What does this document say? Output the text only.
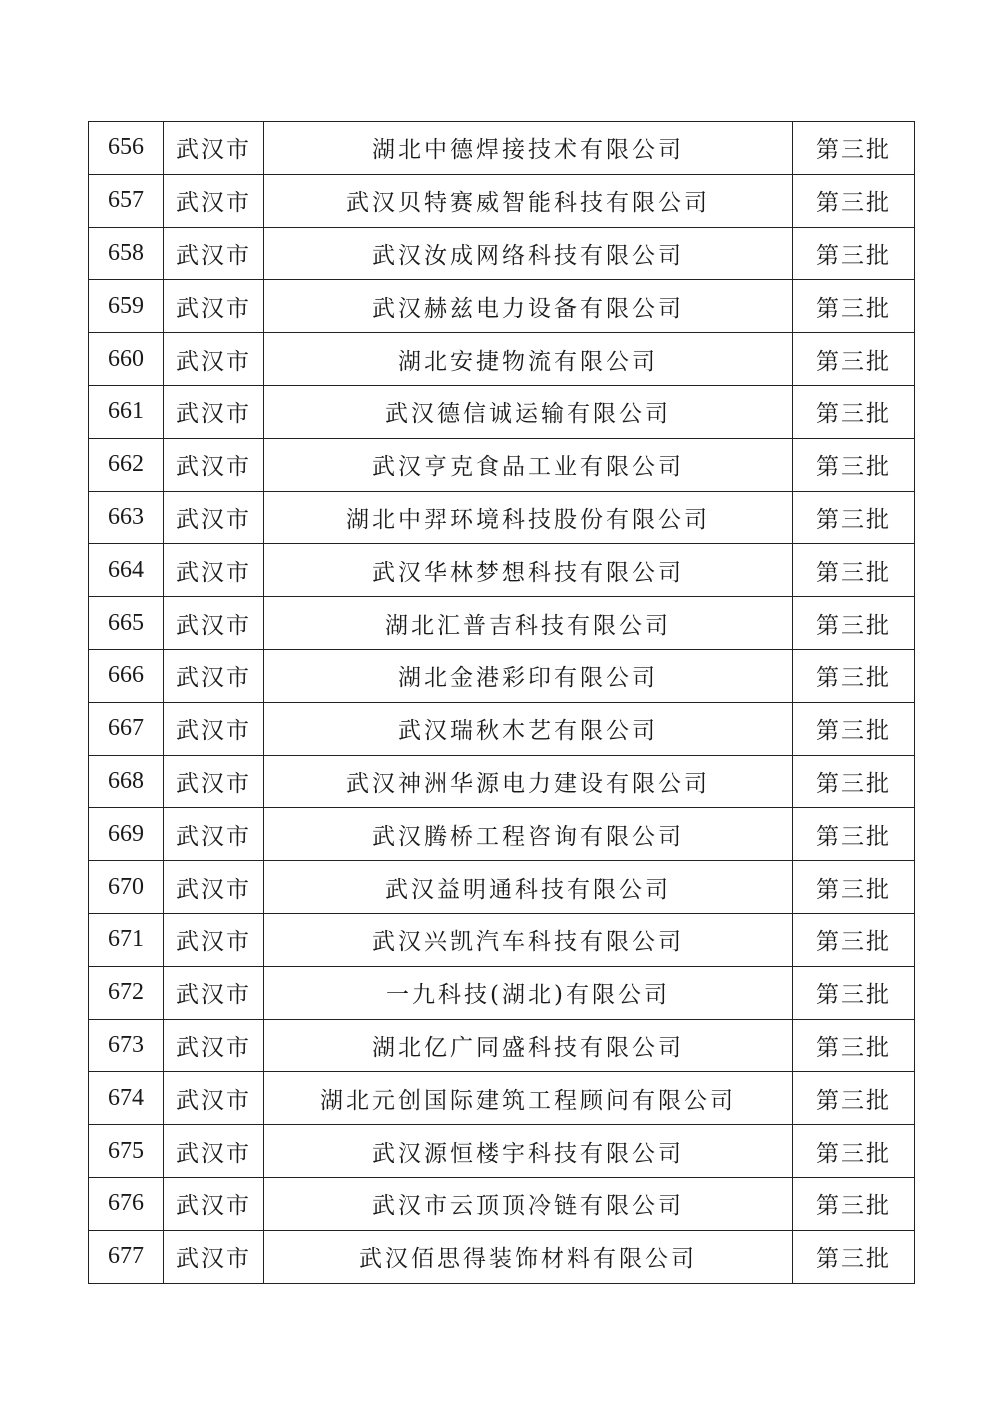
656	武汉市	湖北中德焊接技术有限公司	第三批
657	武汉市	武汉贝特赛威智能科技有限公司	第三批
658	武汉市	武汉汝成网络科技有限公司	第三批
659	武汉市	武汉赫兹电力设备有限公司	第三批
660	武汉市	湖北安捷物流有限公司	第三批
661	武汉市	武汉德信诚运输有限公司	第三批
662	武汉市	武汉亨克食品工业有限公司	第三批
663	武汉市	湖北中羿环境科技股份有限公司	第三批
664	武汉市	武汉华林梦想科技有限公司	第三批
665	武汉市	湖北汇普吉科技有限公司	第三批
666	武汉市	湖北金港彩印有限公司	第三批
667	武汉市	武汉瑞秋木艺有限公司	第三批
668	武汉市	武汉神洲华源电力建设有限公司	第三批
669	武汉市	武汉腾桥工程咨询有限公司	第三批
670	武汉市	武汉益明通科技有限公司	第三批
671	武汉市	武汉兴凯汽车科技有限公司	第三批
672	武汉市	一九科技(湖北)有限公司	第三批
673	武汉市	湖北亿广同盛科技有限公司	第三批
674	武汉市	湖北元创国际建筑工程顾问有限公司	第三批
675	武汉市	武汉源恒楼宇科技有限公司	第三批
676	武汉市	武汉市云顶顶冷链有限公司	第三批
677	武汉市	武汉佰思得装饰材料有限公司	第三批
